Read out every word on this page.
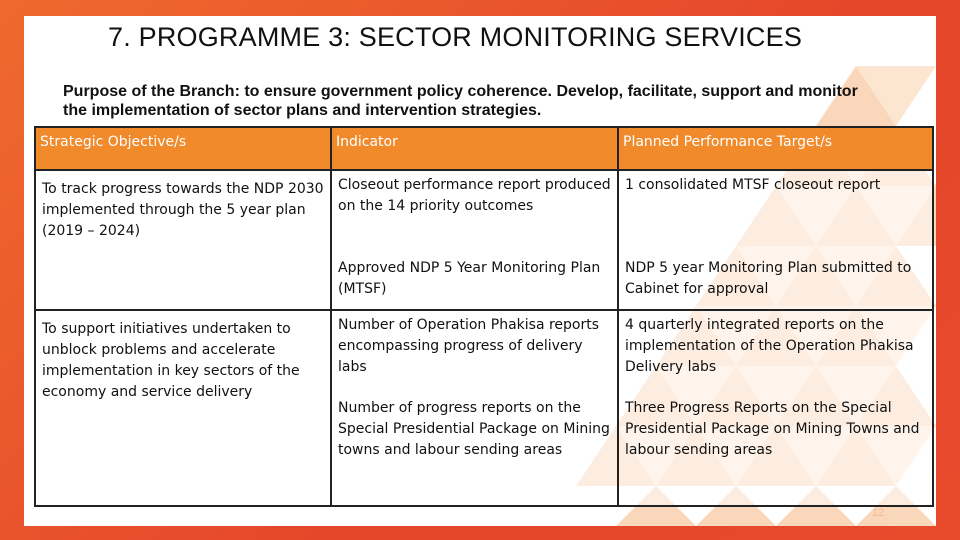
7. PROGRAMME 3: SECTOR MONITORING SERVICES
Purpose of the Branch: to ensure government policy coherence. Develop, facilitate, support and monitor the implementation of sector plans and intervention strategies.
Strategic Objective/s	Indicator	Planned Performance Target/s
To track progress towards the NDP 2030 implemented through the 5 year plan (2019 – 2024)	Closeout performance report produced on the 14 priority outcomes	1 consolidated MTSF closeout report
	Approved NDP 5 Year Monitoring Plan (MTSF)	NDP 5 year Monitoring Plan submitted to Cabinet for approval
To support initiatives undertaken to unblock problems and accelerate implementation in key sectors of the economy and service delivery	Number of Operation Phakisa reports encompassing progress of delivery labs	4 quarterly integrated reports on the implementation of the Operation Phakisa Delivery labs
	Number of progress reports on the Special Presidential Package on Mining towns and labour sending areas	Three Progress Reports on the Special Presidential Package on Mining Towns and labour sending areas
12
